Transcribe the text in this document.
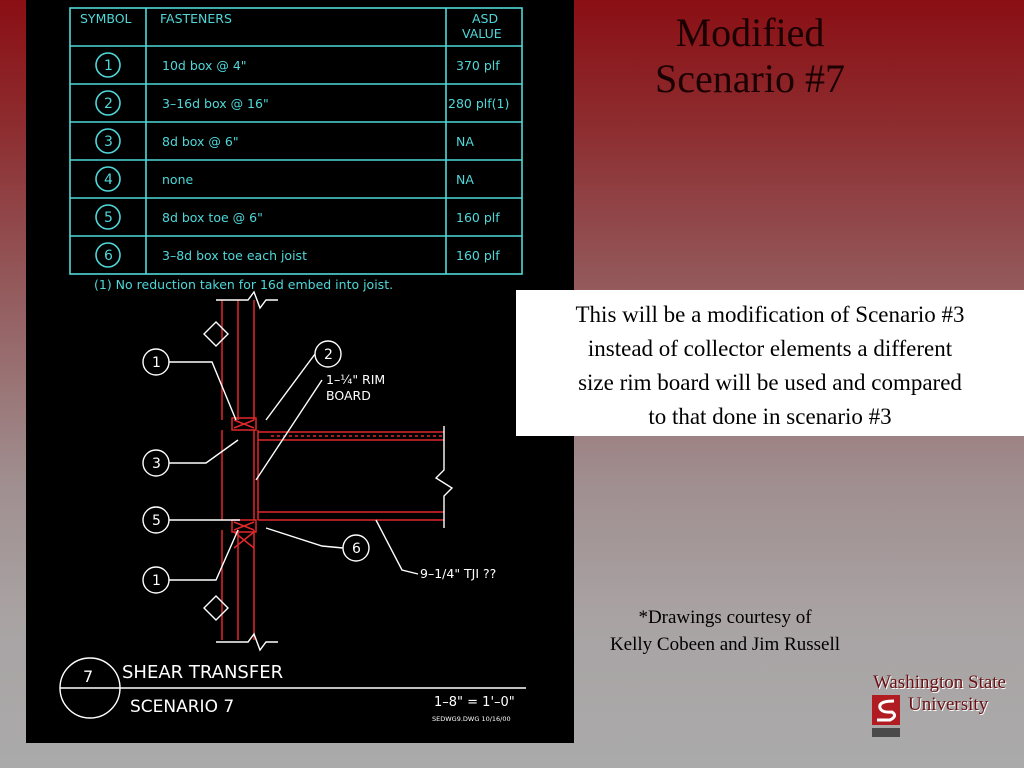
SYMBOL FASTENERS	ASD
VALUE
1	10d box @ 4"	370 plf
2	3–16d box @ 16"	280 plf(1)
3	8d box @ 6"	NA
4	none	NA
5	8d box toe @ 6"	160 plf
6	3–8d box toe each joist	160 plf
(1) No reduction taken for 16d embed into joist.
1	2
3
5
6
1
1–¼" RIM
BOARD
9–1/4" TJI ??
7 SHEAR TRANSFER
SCENARIO 7	1–8" = 1'–0"
SEDWG9.DWG 10/16/00
Modified
Scenario #7
This will be a modification of Scenario #3
instead of collector elements a different
size rim board will be used and compared
to that done in scenario #3
*Drawings courtesy of
Kelly Cobeen and Jim Russell
Washington State
University
